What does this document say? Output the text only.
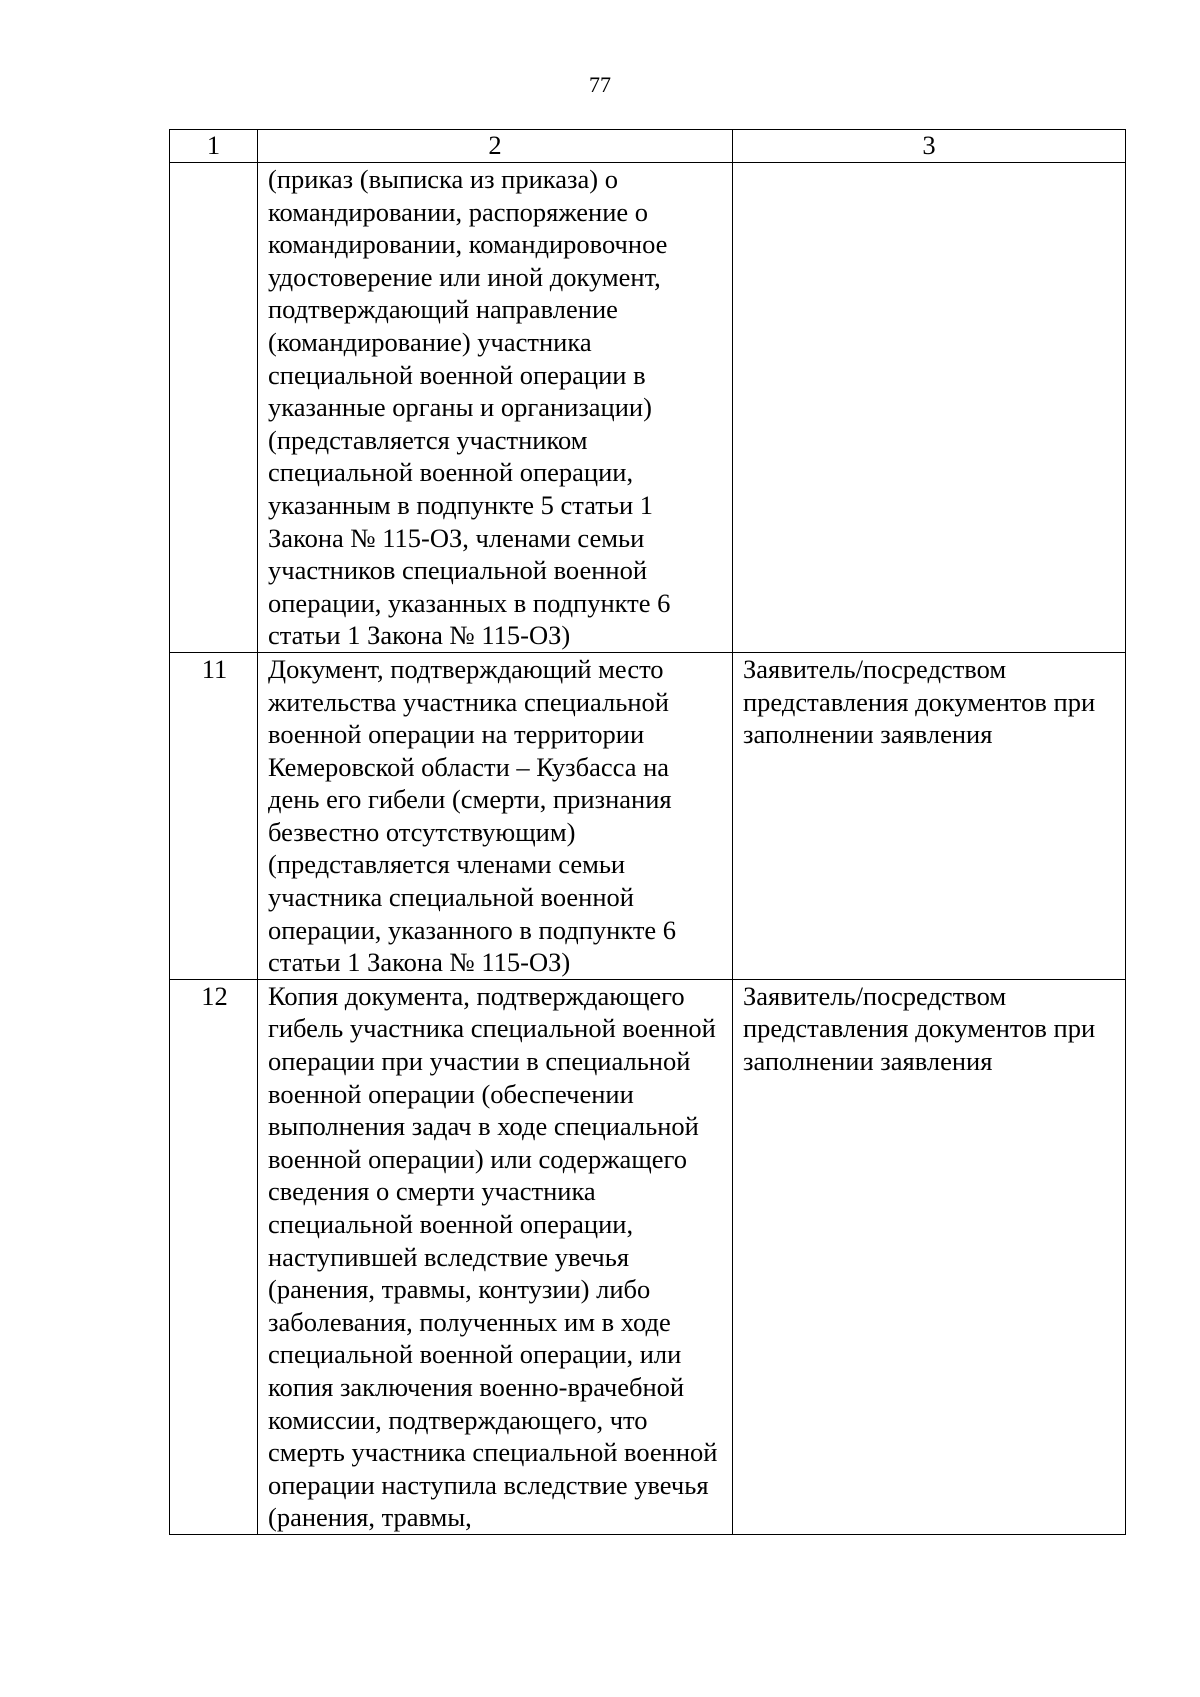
77
1	2	3
	(приказ (выписка из приказа) о командировании, распоряжение о командировании, командировочное удостоверение или иной документ, подтверждающий направление (командирование) участника специальной военной операции в указанные органы и организации) (представляется участником специальной военной операции, указанным в подпункте 5 статьи 1 Закона № 115-ОЗ, членами семьи участников специальной военной операции, указанных в подпункте 6 статьи 1 Закона № 115-ОЗ)	
11	Документ, подтверждающий место жительства участника специальной военной операции на территории Кемеровской области – Кузбасса на день его гибели (смерти, признания безвестно отсутствующим) (представляется членами семьи участника специальной военной операции, указанного в подпункте 6 статьи 1 Закона № 115-ОЗ)	Заявитель/посредством представления документов при заполнении заявления
12	Копия документа, подтверждающего гибель участника специальной военной операции при участии в специальной военной операции (обеспечении выполнения задач в ходе специальной военной операции) или содержащего сведения о смерти участника специальной военной операции, наступившей вследствие увечья (ранения, травмы, контузии) либо заболевания, полученных им в ходе специальной военной операции, или копия заключения военно-врачебной комиссии, подтверждающего, что смерть участника специальной военной операции наступила вследствие увечья (ранения, травмы,	Заявитель/посредством представления документов при заполнении заявления
